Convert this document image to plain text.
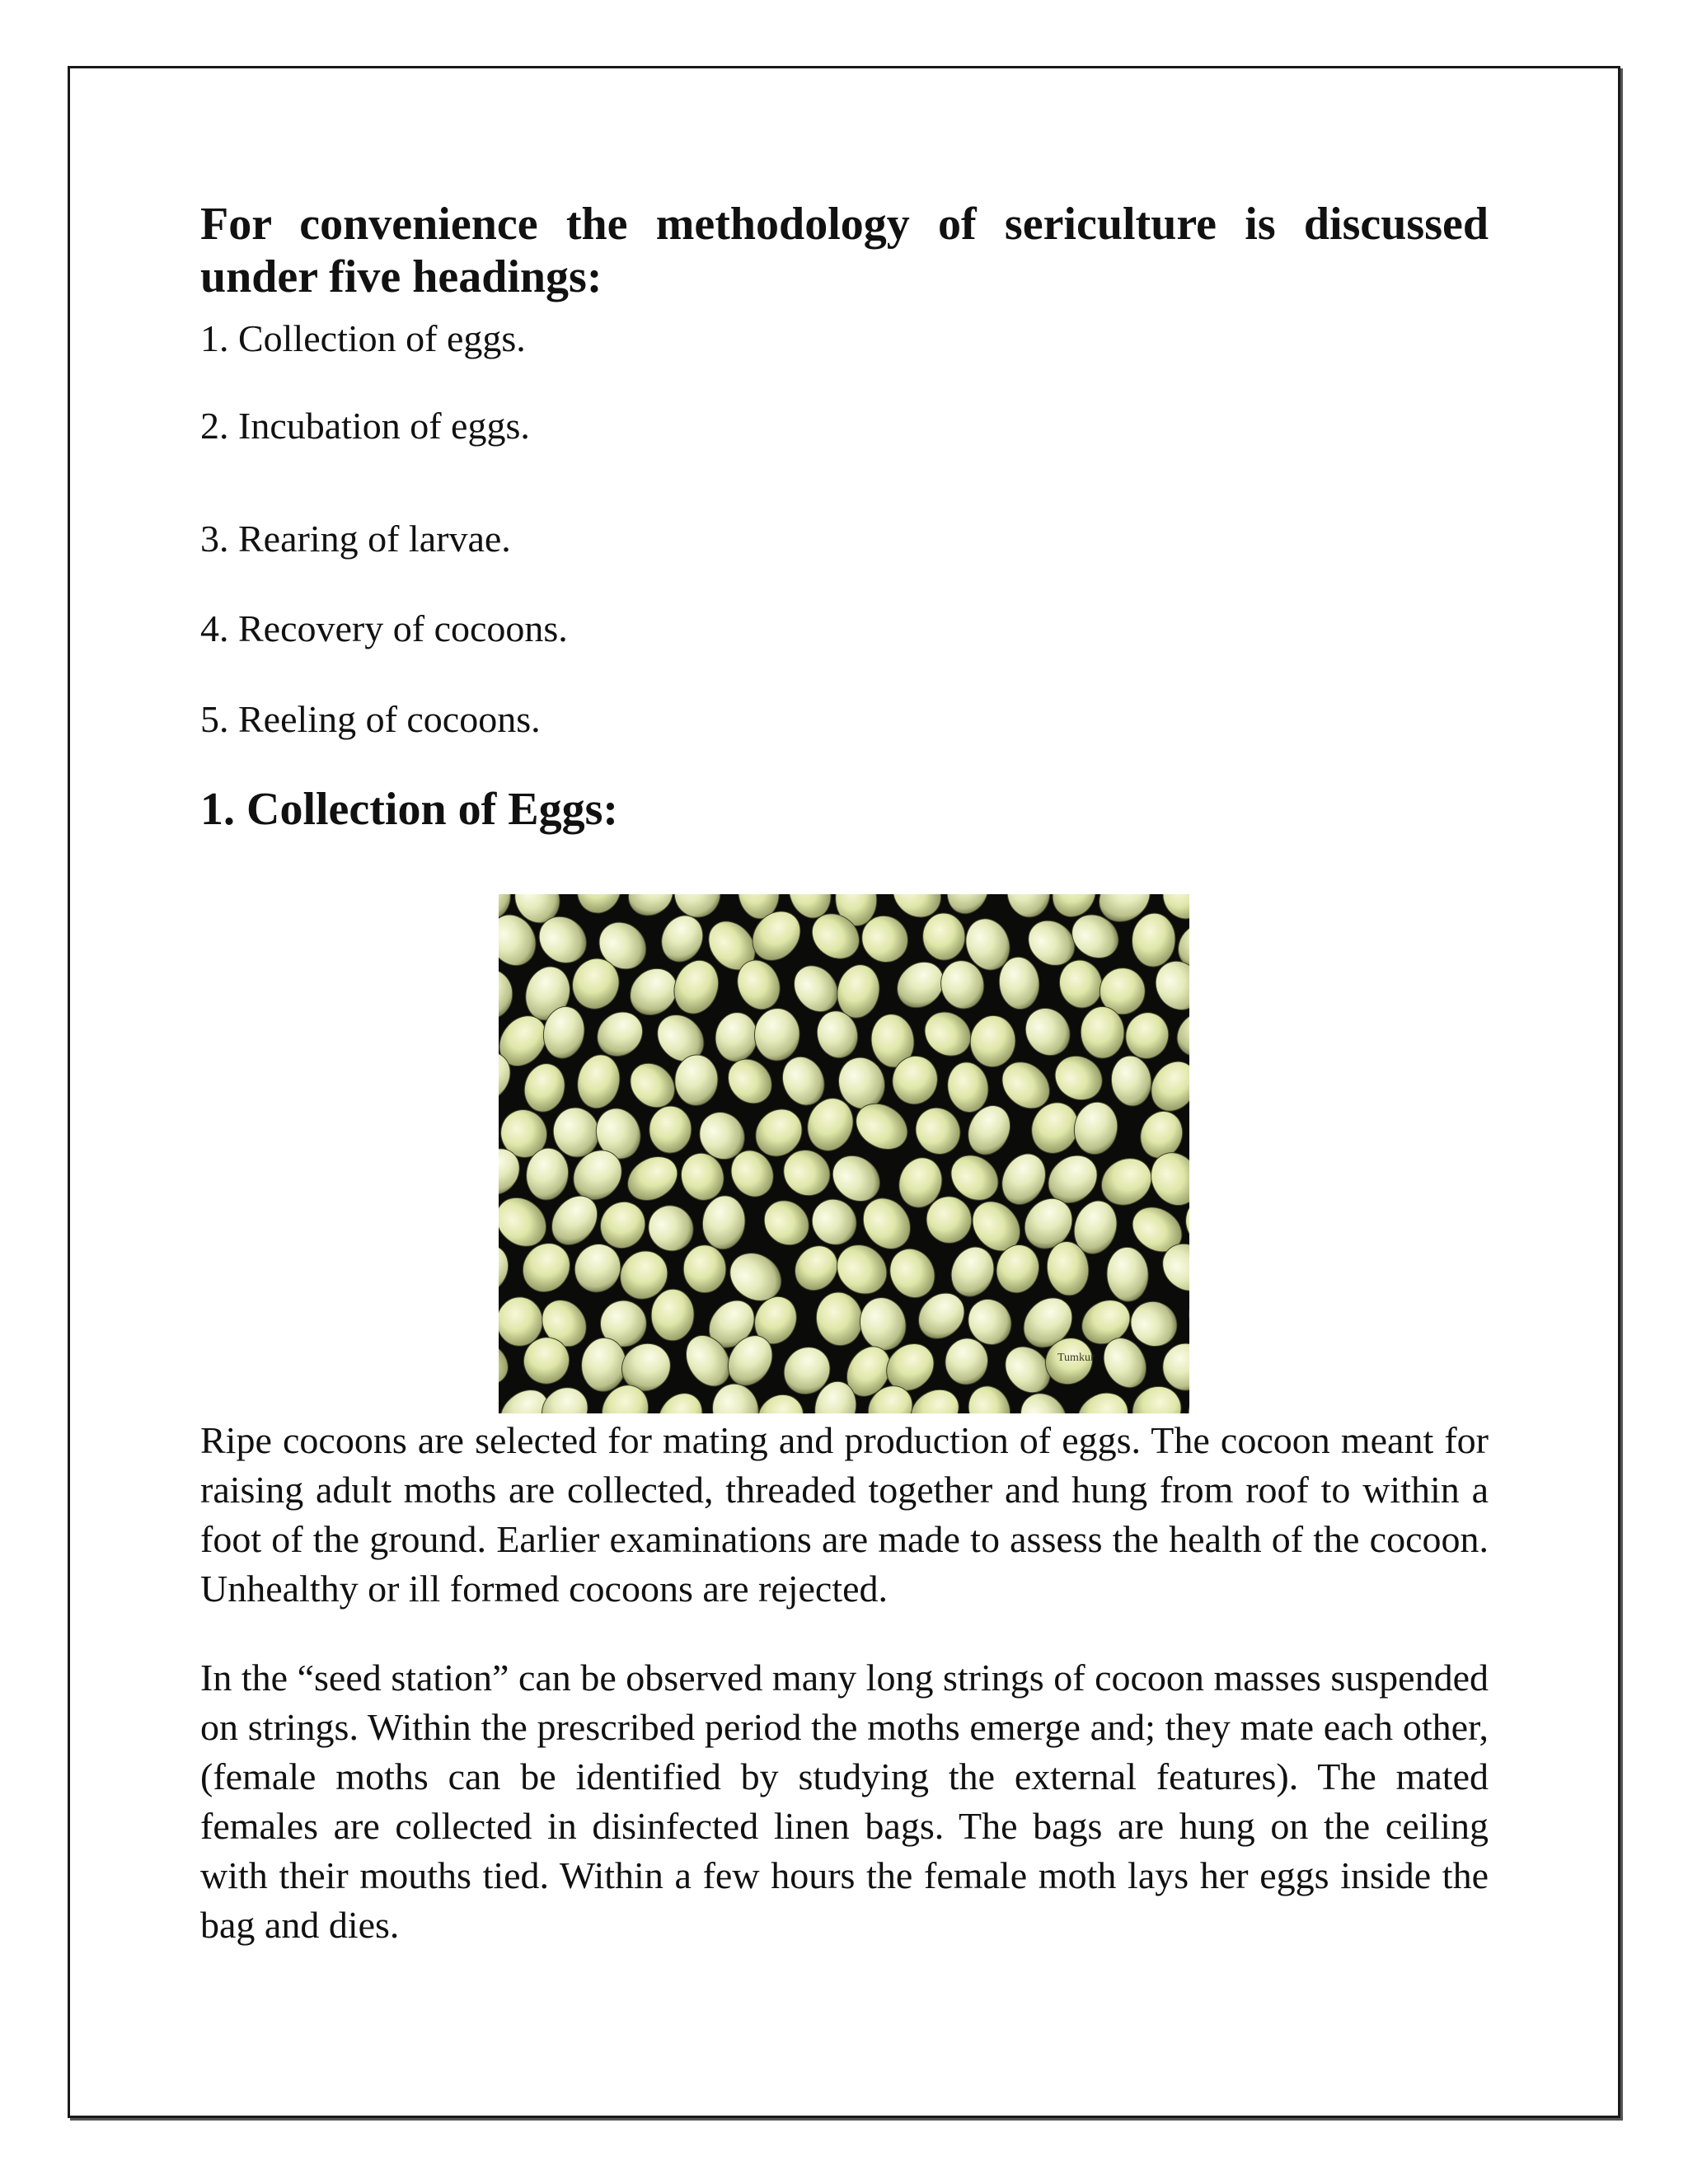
For convenience the methodology of sericulture is discussed under five headings:
1. Collection of eggs.
2. Incubation of eggs.
3. Rearing of larvae.
4. Recovery of cocoons.
5. Reeling of cocoons.
1. Collection of Eggs:
Tumkur

Ripe cocoons are selected for mating and production of eggs. The cocoon meant for raising adult moths are collected, threaded together and hung from roof to within a foot of the ground. Earlier examinations are made to assess the health of the cocoon. Unhealthy or ill formed cocoons are rejected.

In the “seed station” can be observed many long strings of cocoon masses suspended on strings. Within the prescribed period the moths emerge and; they mate each other, (female moths can be identified by studying the external features). The mated females are collected in disinfected linen bags. The bags are hung on the ceiling with their mouths tied. Within a few hours the female moth lays her eggs inside the bag and dies.
